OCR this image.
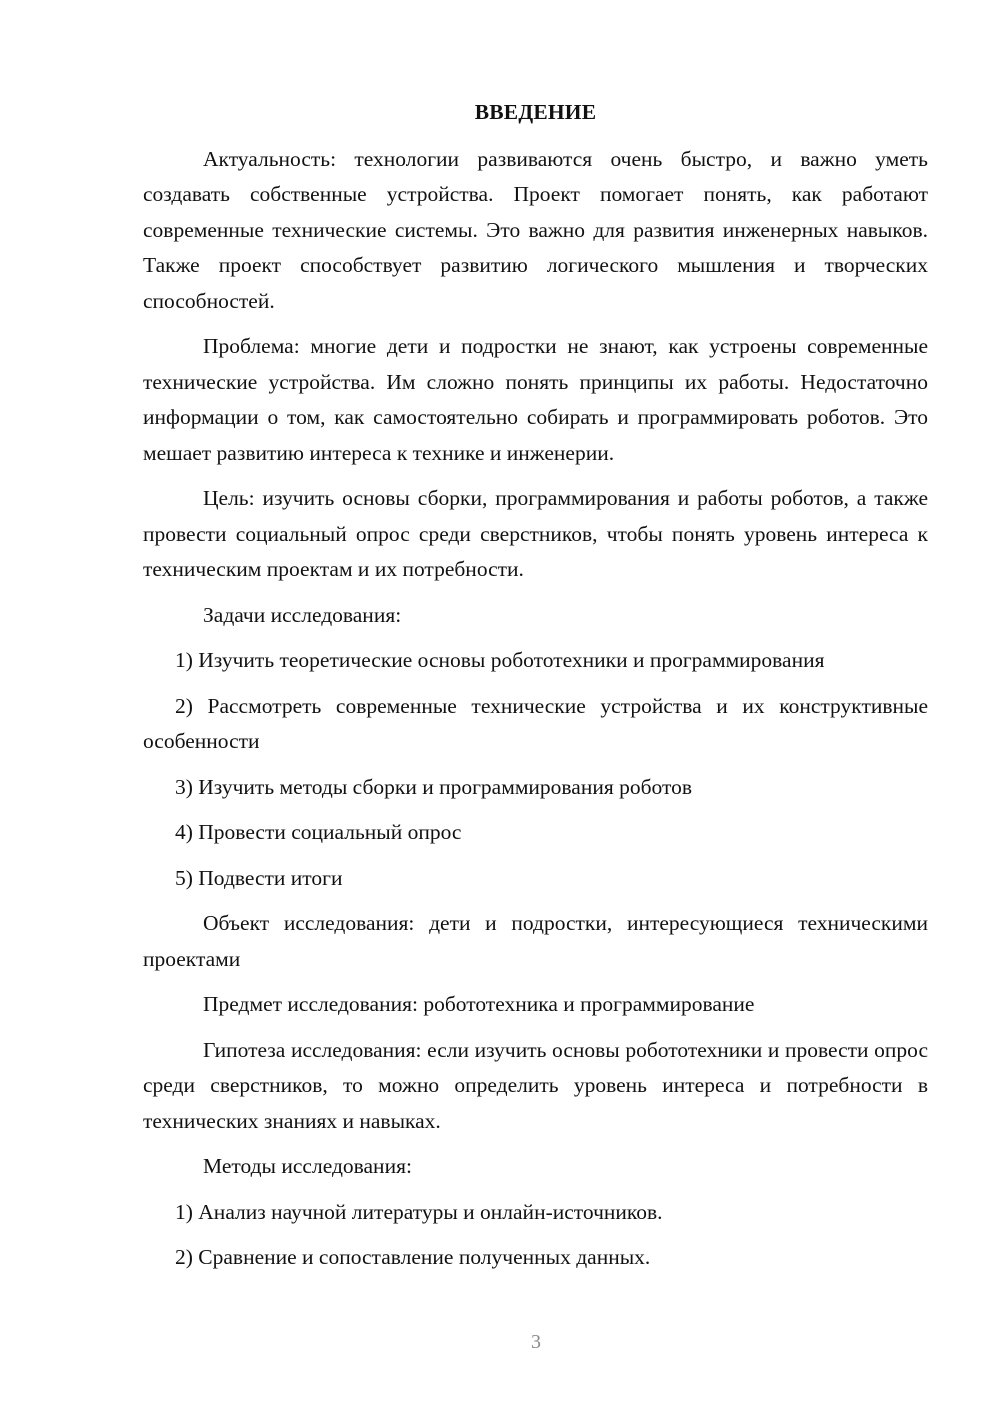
ВВЕДЕНИЕ

Актуальность: технологии развиваются очень быстро, и важно уметь создавать собственные устройства. Проект помогает понять, как работают современные технические системы. Это важно для развития инженерных навыков. Также проект способствует развитию логического мышления и творческих способностей.

Проблема: многие дети и подростки не знают, как устроены современные технические устройства. Им сложно понять принципы их работы. Недостаточно информации о том, как самостоятельно собирать и программировать роботов. Это мешает развитию интереса к технике и инженерии.

Цель: изучить основы сборки, программирования и работы роботов, а также провести социальный опрос среди сверстников, чтобы понять уровень интереса к техническим проектам и их потребности.

Задачи исследования:

1) Изучить теоретические основы робототехники и программирования

2) Рассмотреть современные технические устройства и их конструктивные особенности

3) Изучить методы сборки и программирования роботов

4) Провести социальный опрос

5) Подвести итоги

Объект исследования: дети и подростки, интересующиеся техническими проектами

Предмет исследования: робототехника и программирование

Гипотеза исследования: если изучить основы робототехники и провести опрос среди сверстников, то можно определить уровень интереса и потребности в технических знаниях и навыках.

Методы исследования:

1) Анализ научной литературы и онлайн-источников.

2) Сравнение и сопоставление полученных данных.

3
